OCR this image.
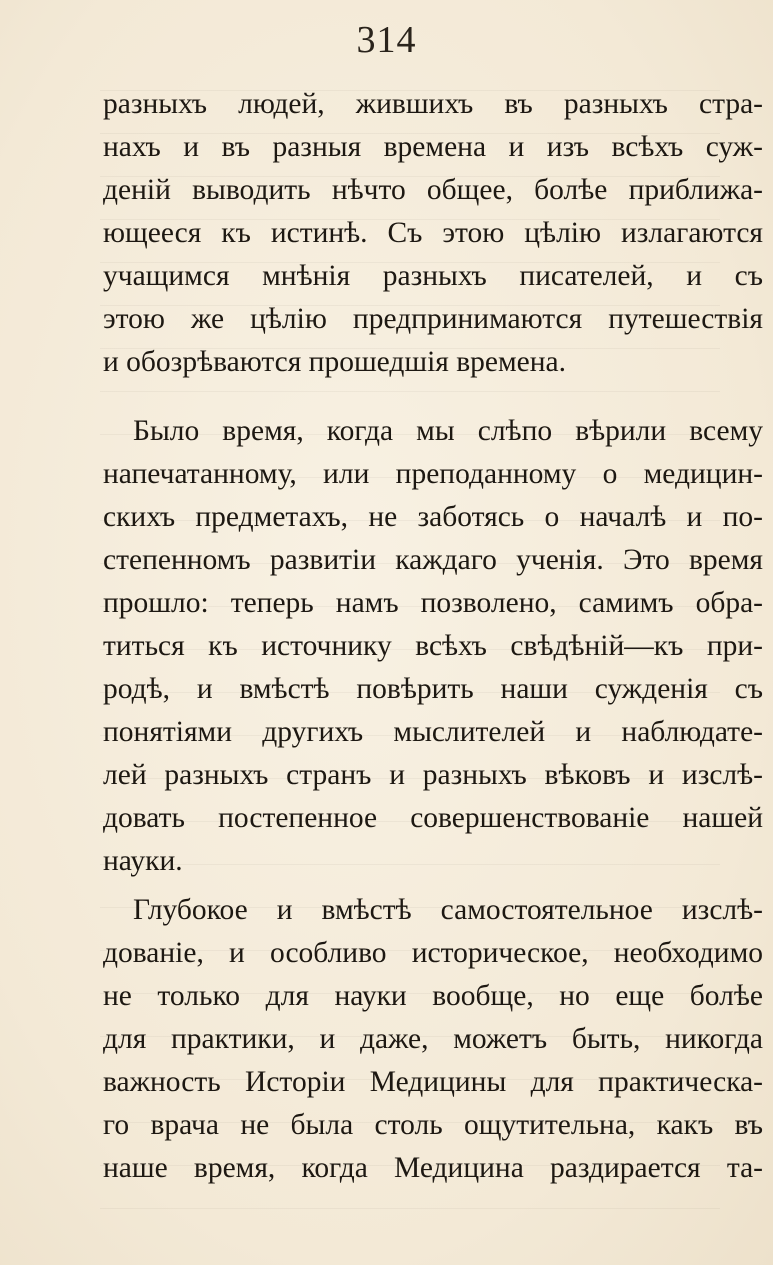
314
разныхъ людей, жившихъ въ разныхъ стра-
нахъ и въ разныя времена и изъ всѣхъ суж-
деній выводить нѣчто общее, болѣе приближа-
ющееся къ истинѣ. Съ этою цѣлію излагаются
учащимся мнѣнія разныхъ писателей, и съ
этою же цѣлію предпринимаются путешествія
и обозрѣваются прошедшія времена.
Было время, когда мы слѣпо вѣрили всему
напечатанному, или преподанному о медицин-
скихъ предметахъ, не заботясь о началѣ и по-
степенномъ развитіи каждаго ученія. Это время
прошло: теперь намъ позволено, самимъ обра-
титься къ источнику всѣхъ свѣдѣній—къ при-
родѣ, и вмѣстѣ повѣрить наши сужденія съ
понятіями другихъ мыслителей и наблюдате-
лей разныхъ странъ и разныхъ вѣковъ и изслѣ-
довать постепенное совершенствованіе нашей
науки.
Глубокое и вмѣстѣ самостоятельное изслѣ-
дованіе, и особливо историческое, необходимо
не только для науки вообще, но еще болѣе
для практики, и даже, можетъ быть, никогда
важность Исторіи Медицины для практическа-
го врача не была столь ощутительна, какъ въ
наше время, когда Медицина раздирается та-
